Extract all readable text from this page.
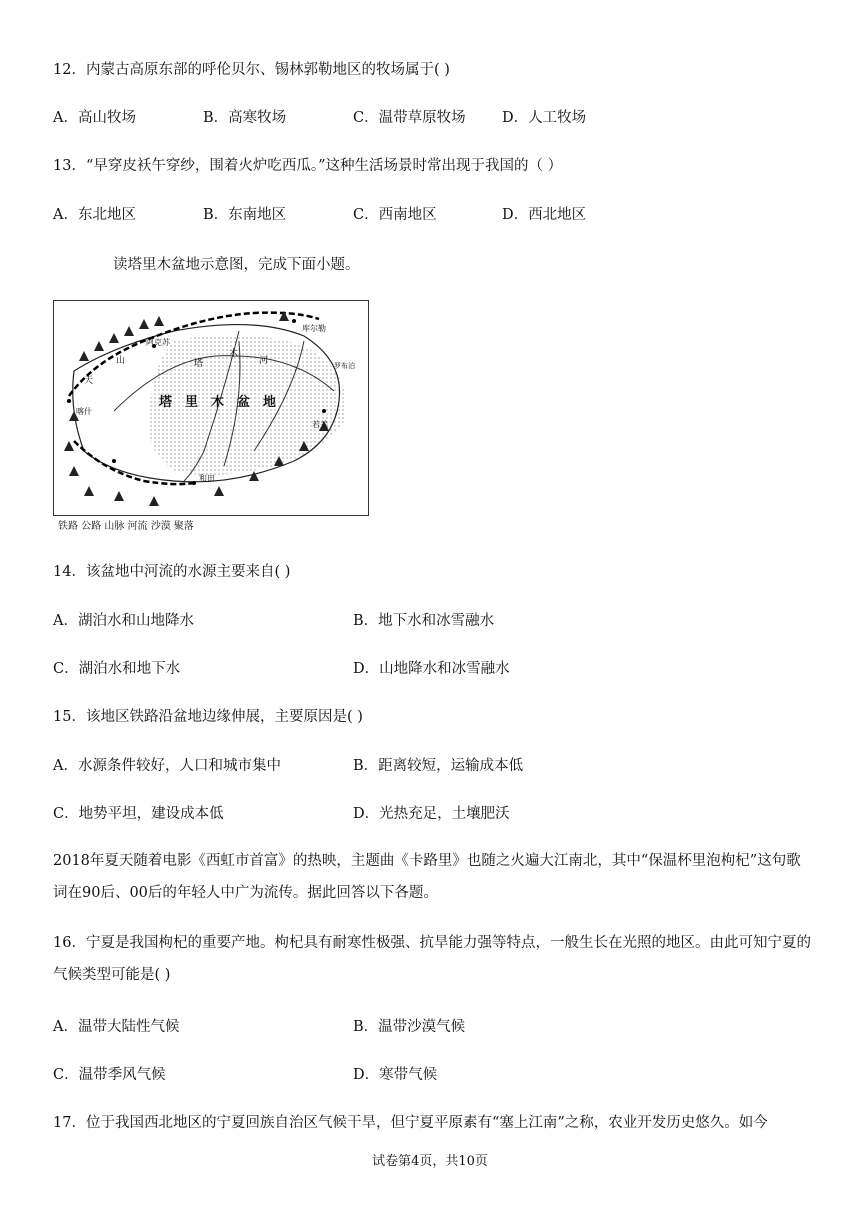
12．内蒙古高原东部的呼伦贝尔、锡林郭勒地区的牧场属于( )
A．高山牧场	B．高寒牧场	C．温带草原牧场	D．人工牧场
13．“早穿皮袄午穿纱，围着火炉吃西瓜。”这种生活场景时常出现于我国的（ ）
A．东北地区	B．东南地区	C．西南地区	D．西北地区
读塔里木盆地示意图，完成下面小题。
塔　里　木　盆　地
阿克苏
库尔勒
若羌
塔
木
河
天
山
喀什
和田
罗布泊
铁路 公路 山脉 河流 沙漠 聚落
14．该盆地中河流的水源主要来自( )
A．湖泊水和山地降水	B．地下水和冰雪融水
C．湖泊水和地下水	D．山地降水和冰雪融水
15．该地区铁路沿盆地边缘伸展，主要原因是( )
A．水源条件较好，人口和城市集中	B．距离较短，运输成本低
C．地势平坦，建设成本低	D．光热充足，土壤肥沃
2018年夏天随着电影《西虹市首富》的热映，主题曲《卡路里》也随之火遍大江南北，其中“保温杯里泡枸杞”这句歌词在90后、00后的年轻人中广为流传。据此回答以下各题。
16．宁夏是我国枸杞的重要产地。枸杞具有耐寒性极强、抗旱能力强等特点，一般生长在光照的地区。由此可知宁夏的气候类型可能是( )
A．温带大陆性气候	B．温带沙漠气候
C．温带季风气候	D．寒带气候
17．位于我国西北地区的宁夏回族自治区气候干旱，但宁夏平原素有“塞上江南”之称，农业开发历史悠久。如今
试卷第4页，共10页
